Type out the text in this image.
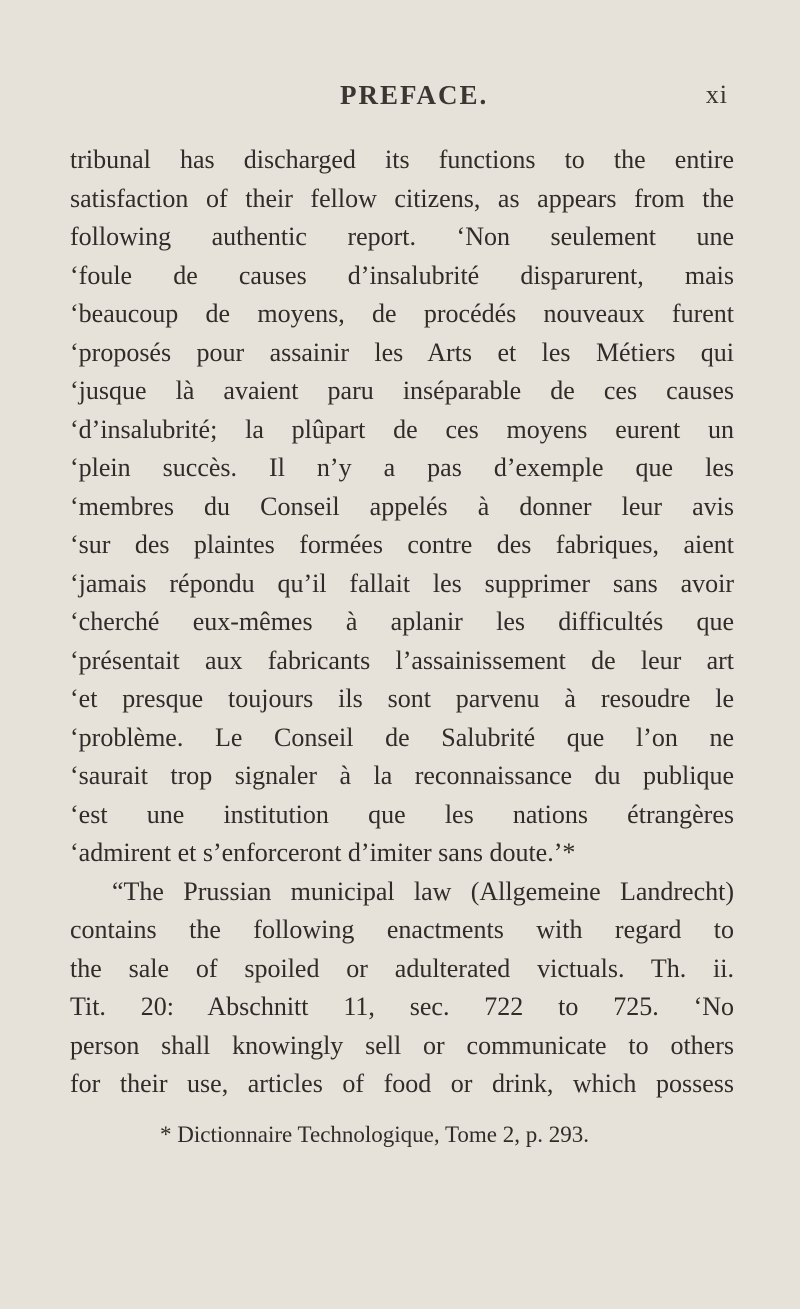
PREFACE.	xi
tribunal has discharged its functions to the entire
satisfaction of their fellow citizens, as appears from the
following authentic report. ‘Non seulement une
‘foule de causes d’insalubrité disparurent, mais
‘beaucoup de moyens, de procédés nouveaux furent
‘proposés pour assainir les Arts et les Métiers qui
‘jusque là avaient paru inséparable de ces causes
‘d’insalubrité; la plûpart de ces moyens eurent un
‘plein succès. Il n’y a pas d’exemple que les
‘membres du Conseil appelés à donner leur avis
‘sur des plaintes formées contre des fabriques, aient
‘jamais répondu qu’il fallait les supprimer sans avoir
‘cherché eux-mêmes à aplanir les difficultés que
‘présentait aux fabricants l’assainissement de leur art
‘et presque toujours ils sont parvenu à resoudre le
‘problème. Le Conseil de Salubrité que l’on ne
‘saurait trop signaler à la reconnaissance du publique
‘est une institution que les nations étrangères
‘admirent et s’enforceront d’imiter sans doute.’*
“The Prussian municipal law (Allgemeine Landrecht)
contains the following enactments with regard to
the sale of spoiled or adulterated victuals. Th. ii.
Tit. 20: Abschnitt 11, sec. 722 to 725. ‘No
person shall knowingly sell or communicate to others
for their use, articles of food or drink, which possess
* Dictionnaire Technologique, Tome 2, p. 293.
